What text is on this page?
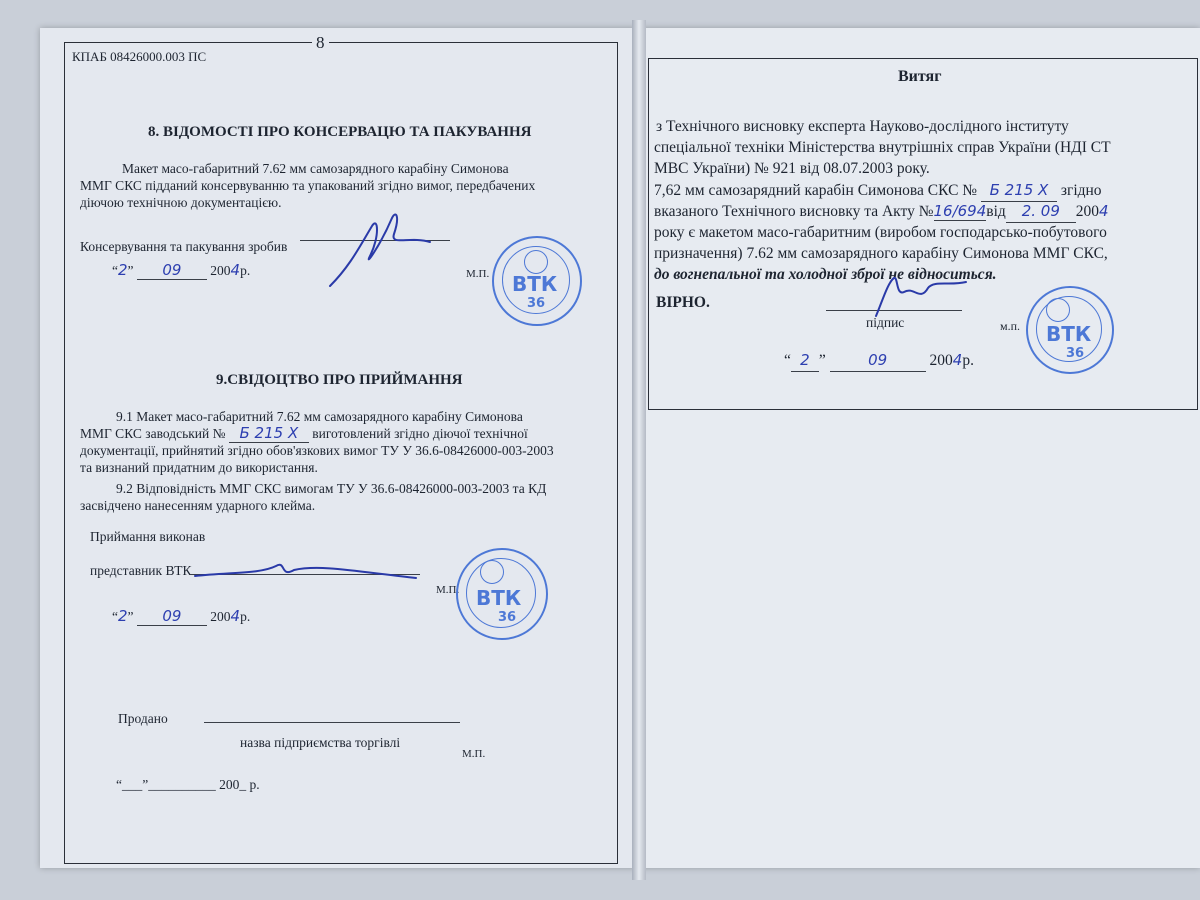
КПАБ 08426000.003 ПС
8
8. ВІДОМОСТІ ПРО КОНСЕРВАЦЮ ТА ПАКУВАННЯ
Макет масо-габаритний 7.62 мм самозарядного карабіну Симонова
ММГ СКС підданий консервуванню та упакований згідно вимог, передбачених
діючою технічною документацією.
Консервування та пакування зробив
“2” 09 2004р.	М.П. ВТК
36
9.СВІДОЦТВО ПРО ПРИЙМАННЯ
9.1 Макет масо-габаритний 7.62 мм самозарядного карабіну Симонова
ММГ СКС заводський № Б 215 Х виготовлений згідно діючої технічної
документації, прийнятий згідно обов'язкових вимог ТУ У 36.6-08426000-003-2003
та визнаний придатним до використання.
9.2 Відповідність ММГ СКС вимогам ТУ У 36.6-08426000-003-2003 та КД
засвідчено нанесенням ударного клейма.
Приймання виконав
представник ВТК
М.П.
“2” 09 2004р.
ВТК
36
Продано
назва підприємства торгівлі
М.П.
“___”__________ 200_ р.
Витяг
з Технічного висновку експерта Науково-дослідного інституту
спеціальної техніки Міністерства внутрішніх справ України (НДІ СТ
МВС України) № 921 від 08.07.2003 року.
7,62 мм самозарядний карабін Симонова СКС № Б 215 Х згідно
вказаного Технічного висновку та Акту №16/694від 2. 09 2004
року є макетом масо-габаритним (виробом господарсько-побутового
призначення) 7.62 мм самозарядного карабіну Симонова ММГ СКС,
до вогнепальної та холодної зброї не відноситься.
ВІРНО.
підпис	м.п.
“ 2 ”	09	2004р.
ВТК
36
